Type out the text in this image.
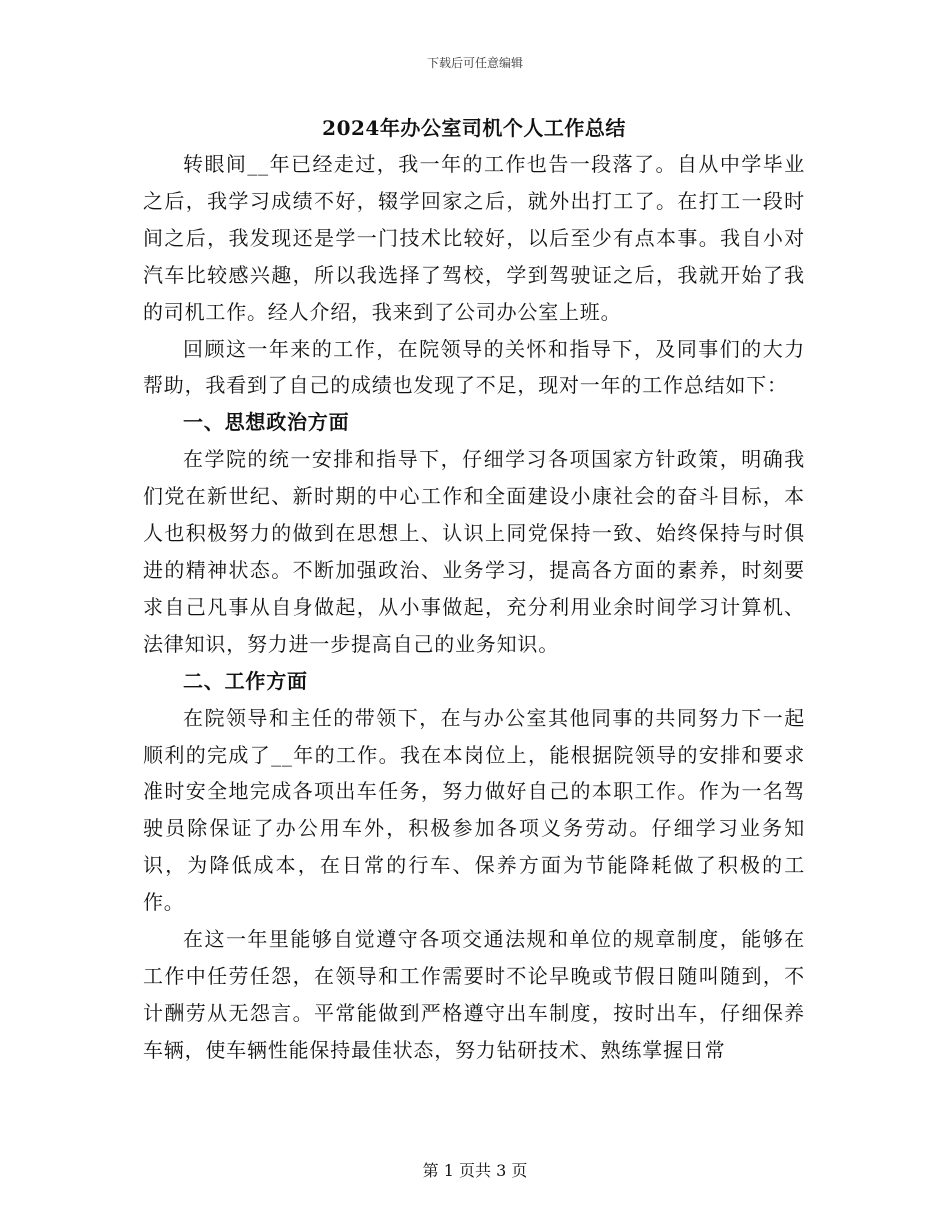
下载后可任意编辑
2024年办公室司机个人工作总结

转眼间__年已经走过，我一年的工作也告一段落了。自从中学毕业之后，我学习成绩不好，辍学回家之后，就外出打工了。在打工一段时间之后，我发现还是学一门技术比较好，以后至少有点本事。我自小对汽车比较感兴趣，所以我选择了驾校，学到驾驶证之后，我就开始了我的司机工作。经人介绍，我来到了公司办公室上班。

回顾这一年来的工作，在院领导的关怀和指导下，及同事们的大力帮助，我看到了自己的成绩也发现了不足，现对一年的工作总结如下：

一、思想政治方面

在学院的统一安排和指导下，仔细学习各项国家方针政策，明确我们党在新世纪、新时期的中心工作和全面建设小康社会的奋斗目标，本人也积极努力的做到在思想上、认识上同党保持一致、始终保持与时俱进的精神状态。不断加强政治、业务学习，提高各方面的素养，时刻要求自己凡事从自身做起，从小事做起，充分利用业余时间学习计算机、法律知识，努力进一步提高自己的业务知识。

二、工作方面

在院领导和主任的带领下，在与办公室其他同事的共同努力下一起顺利的完成了__年的工作。我在本岗位上，能根据院领导的安排和要求准时安全地完成各项出车任务，努力做好自己的本职工作。作为一名驾驶员除保证了办公用车外，积极参加各项义务劳动。仔细学习业务知识，为降低成本，在日常的行车、保养方面为节能降耗做了积极的工作。

在这一年里能够自觉遵守各项交通法规和单位的规章制度，能够在工作中任劳任怨，在领导和工作需要时不论早晚或节假日随叫随到，不计酬劳从无怨言。平常能做到严格遵守出车制度，按时出车，仔细保养车辆，使车辆性能保持最佳状态，努力钻研技术、熟练掌握日常

第 1 页共 3 页
